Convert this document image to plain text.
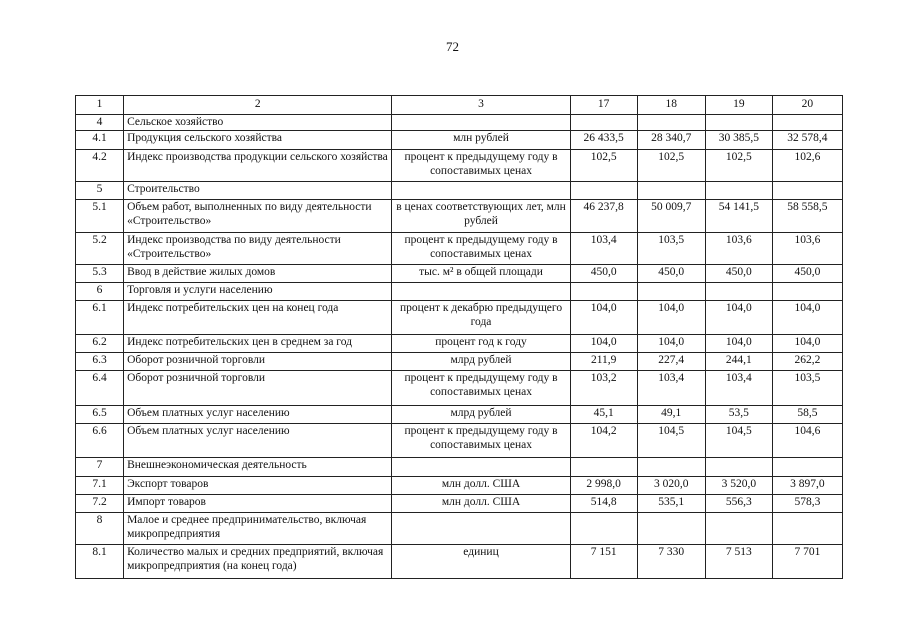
72
1	2	3	17	18	19	20
4	Сельское хозяйство					
4.1	Продукция сельского хозяйства	млн рублей	26 433,5	28 340,7	30 385,5	32 578,4
4.2	Индекс производства продукции сельского хозяйства	процент к предыдущему году в сопоставимых ценах	102,5	102,5	102,5	102,6
5	Строительство					
5.1	Объем работ, выполненных по виду деятельности «Строительство»	в ценах соответствующих лет, млн рублей	46 237,8	50 009,7	54 141,5	58 558,5
5.2	Индекс производства по виду деятельности «Строительство»	процент к предыдущему году в сопоставимых ценах	103,4	103,5	103,6	103,6
5.3	Ввод в действие жилых домов	тыс. м² в общей площади	450,0	450,0	450,0	450,0
6	Торговля и услуги населению					
6.1	Индекс потребительских цен на конец года	процент к декабрю предыдущего года	104,0	104,0	104,0	104,0
6.2	Индекс потребительских цен в среднем за год	процент год к году	104,0	104,0	104,0	104,0
6.3	Оборот розничной торговли	млрд рублей	211,9	227,4	244,1	262,2
6.4	Оборот розничной торговли	процент к предыдущему году в сопоставимых ценах	103,2	103,4	103,4	103,5
6.5	Объем платных услуг населению	млрд рублей	45,1	49,1	53,5	58,5
6.6	Объем платных услуг населению	процент к предыдущему году в сопоставимых ценах	104,2	104,5	104,5	104,6
7	Внешнеэкономическая деятельность					
7.1	Экспорт товаров	млн долл. США	2 998,0	3 020,0	3 520,0	3 897,0
7.2	Импорт товаров	млн долл. США	514,8	535,1	556,3	578,3
8	Малое и среднее предпринимательство, включая микропредприятия					
8.1	Количество малых и средних предприятий, включая микропредприятия (на конец года)	единиц	7 151	7 330	7 513	7 701
